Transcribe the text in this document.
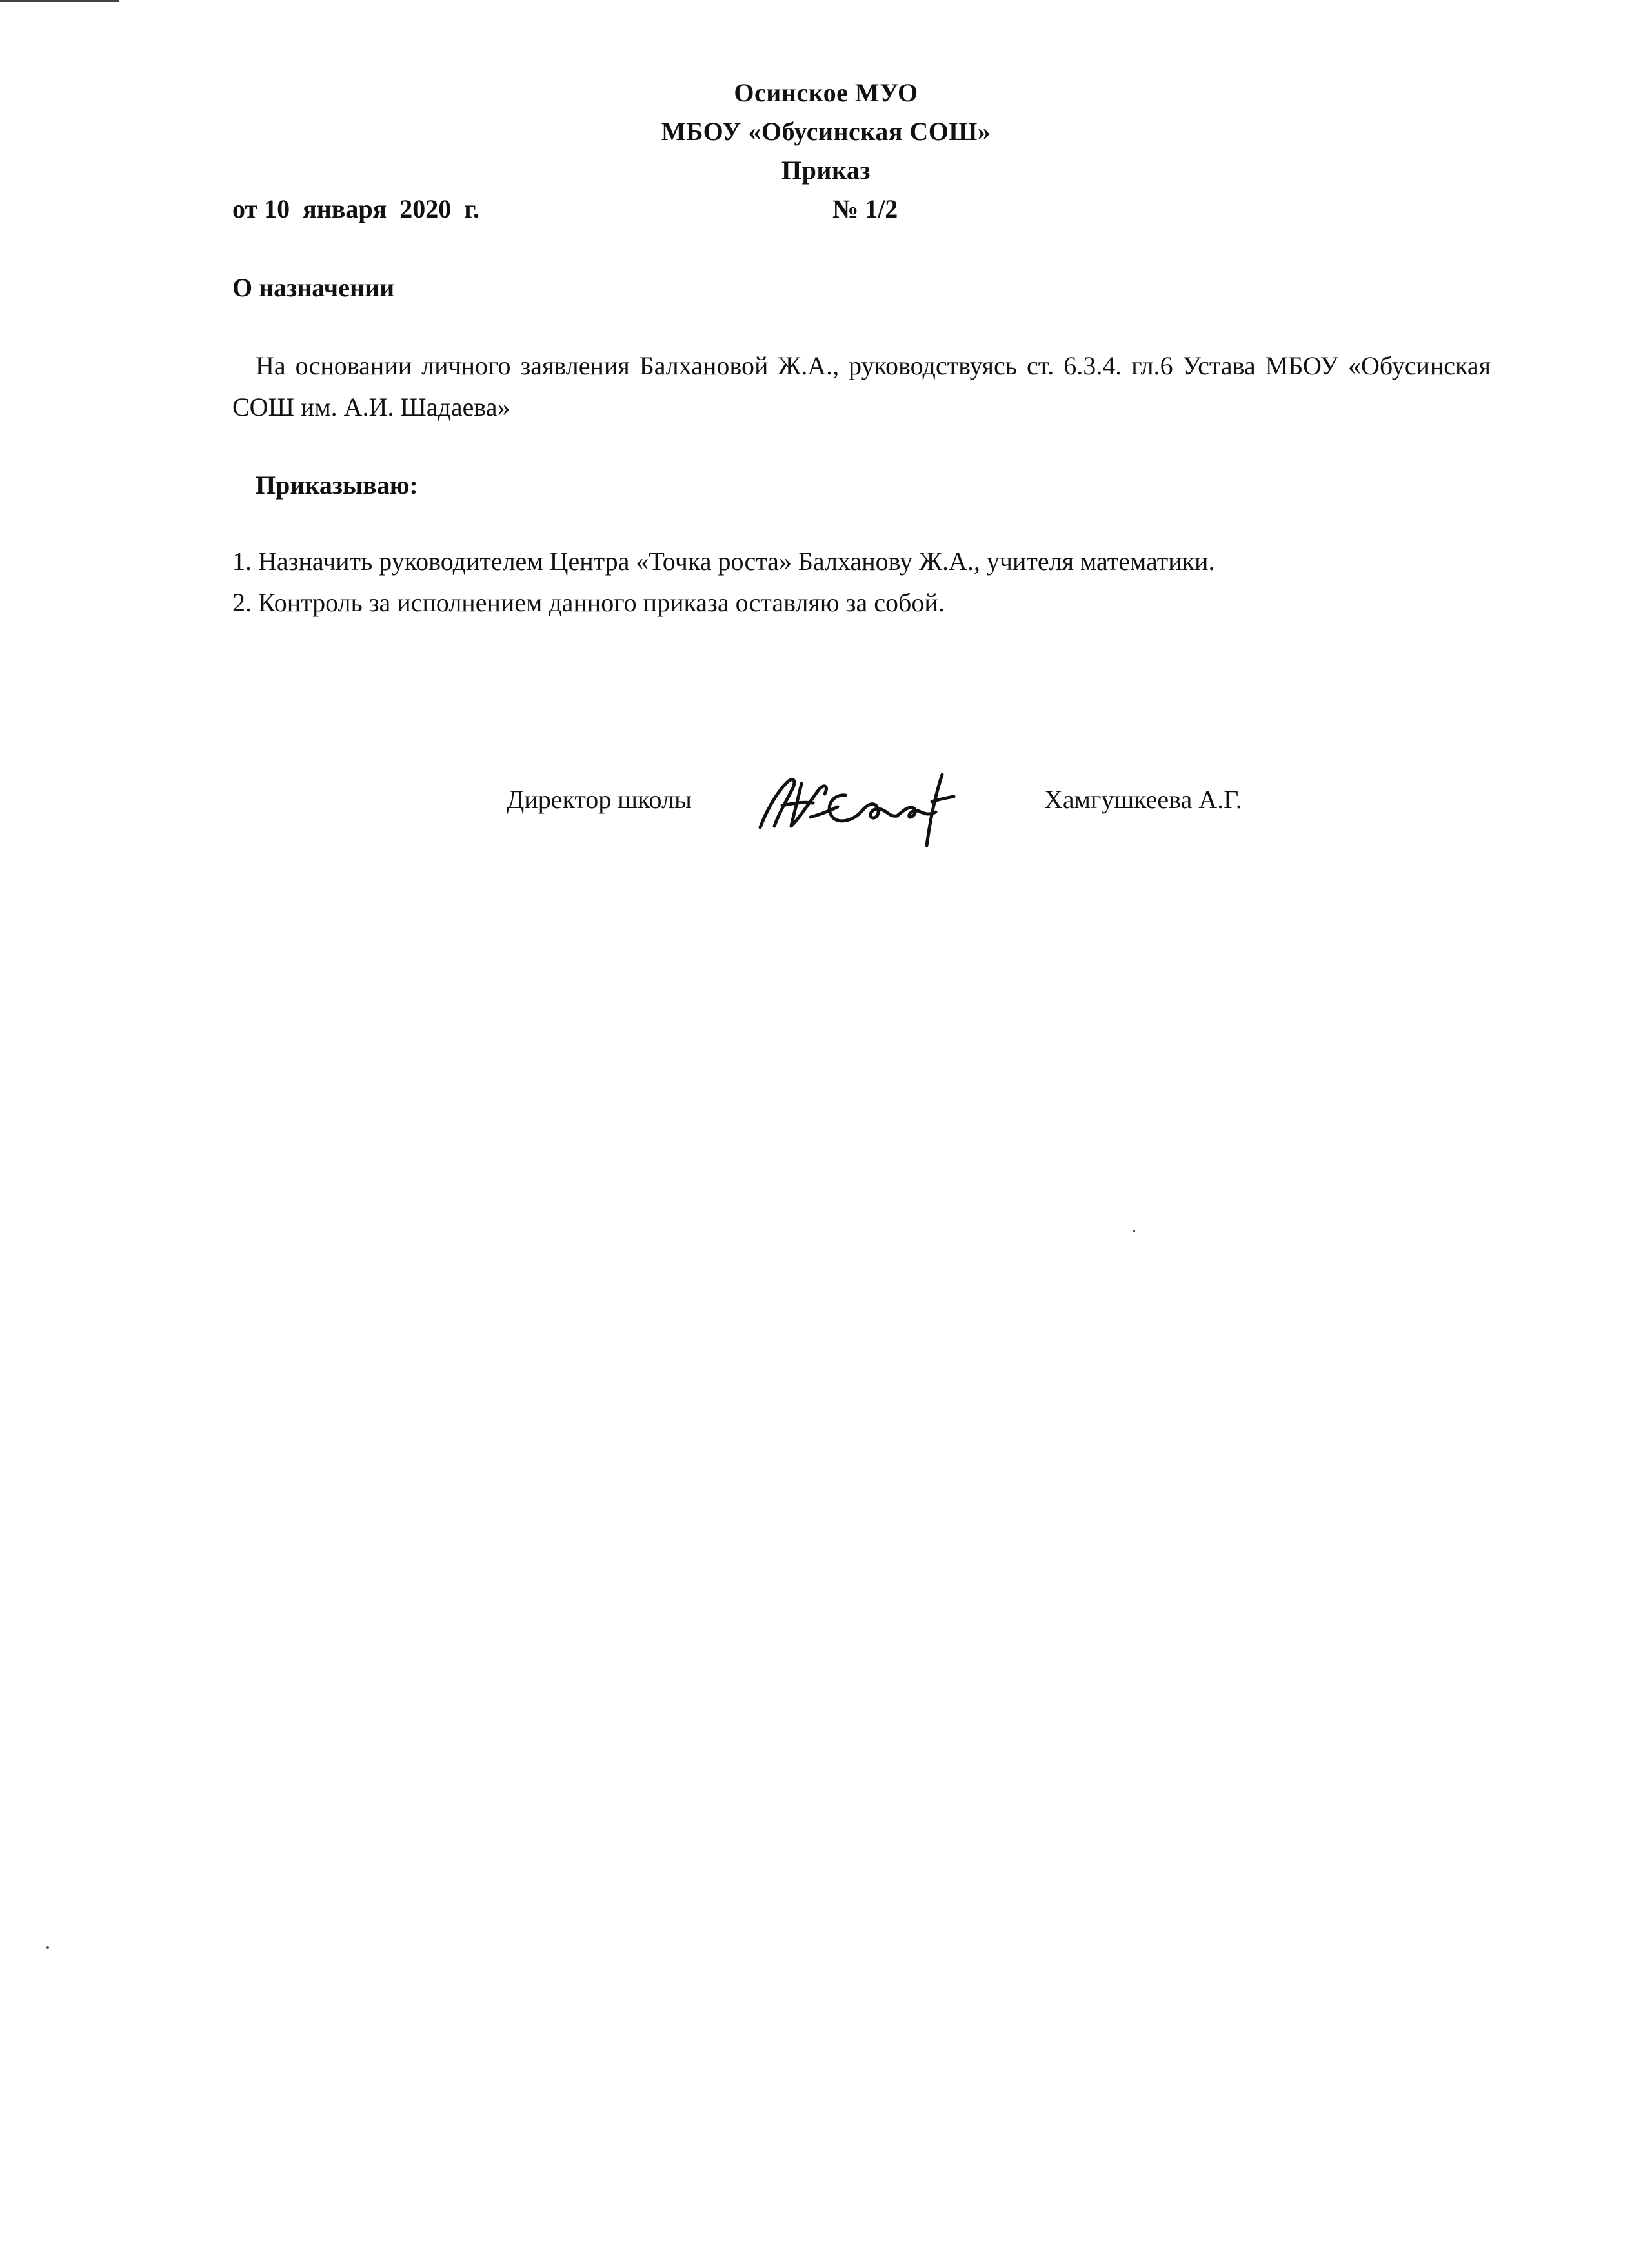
Осинское МУО
МБОУ «Обусинская СОШ»
Приказ
от 10  января  2020  г.	№ 1/2
О назначении
На основании личного заявления Балхановой Ж.А., руководствуясь ст. 6.3.4. гл.6 Устава МБОУ «Обусинская СОШ им. А.И. Шадаева»
Приказываю:
1. Назначить руководителем Центра «Точка роста» Балханову Ж.А., учителя математики.
2. Контроль за исполнением данного приказа оставляю за собой.
Директор школы	Хамгушкеева А.Г.
